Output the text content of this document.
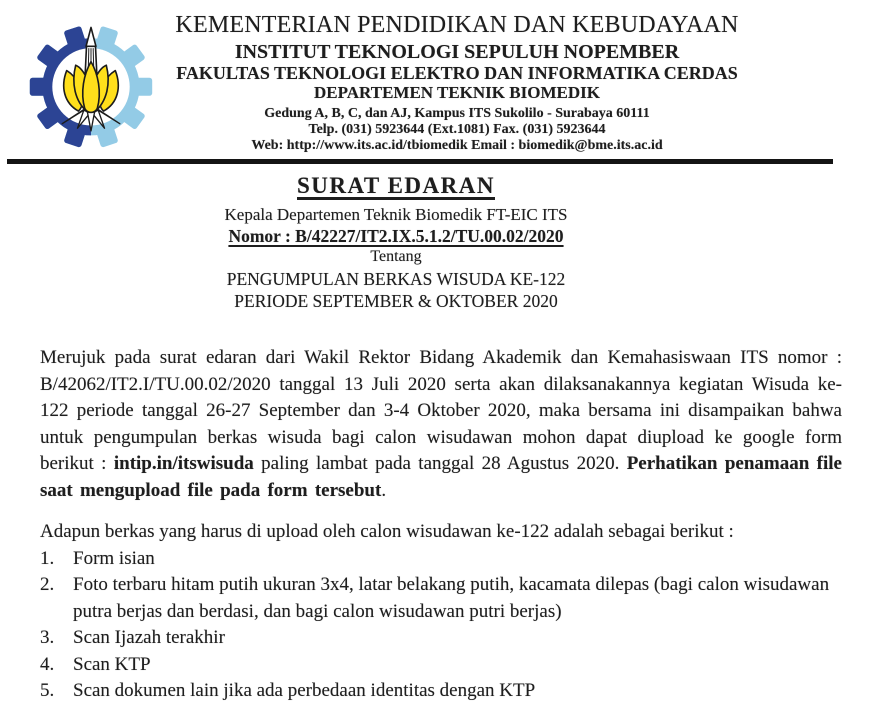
KEMENTERIAN PENDIDIKAN DAN KEBUDAYAAN
INSTITUT TEKNOLOGI SEPULUH NOPEMBER
FAKULTAS TEKNOLOGI ELEKTRO DAN INFORMATIKA CERDAS
DEPARTEMEN TEKNIK BIOMEDIK
Gedung A, B, C, dan AJ, Kampus ITS Sukolilo - Surabaya 60111
Telp. (031) 5923644 (Ext.1081) Fax. (031) 5923644
Web: http://www.its.ac.id/tbiomedik Email : biomedik@bme.its.ac.id
SURAT EDARAN
Kepala Departemen Teknik Biomedik FT-EIC ITS
Nomor : B/42227/IT2.IX.5.1.2/TU.00.02/2020
Tentang
PENGUMPULAN BERKAS WISUDA KE-122
PERIODE SEPTEMBER & OKTOBER 2020

Merujuk pada surat edaran dari Wakil Rektor Bidang Akademik dan Kemahasiswaan ITS nomor : B/42062/IT2.I/TU.00.02/2020 tanggal 13 Juli 2020 serta akan dilaksanakannya kegiatan Wisuda ke-122 periode tanggal 26-27 September dan 3-4 Oktober 2020, maka bersama ini disampaikan bahwa untuk pengumpulan berkas wisuda bagi calon wisudawan mohon dapat diupload ke google form berikut : intip.in/itswisuda paling lambat pada tanggal 28 Agustus 2020. Perhatikan penamaan file saat mengupload file pada form tersebut.

Adapun berkas yang harus di upload oleh calon wisudawan ke-122 adalah sebagai berikut :

1. Form isian
2. Foto terbaru hitam putih ukuran 3x4, latar belakang putih, kacamata dilepas (bagi calon wisudawan putra berjas dan berdasi, dan bagi calon wisudawan putri berjas)
3. Scan Ijazah terakhir
4. Scan KTP
5. Scan dokumen lain jika ada perbedaan identitas dengan KTP
